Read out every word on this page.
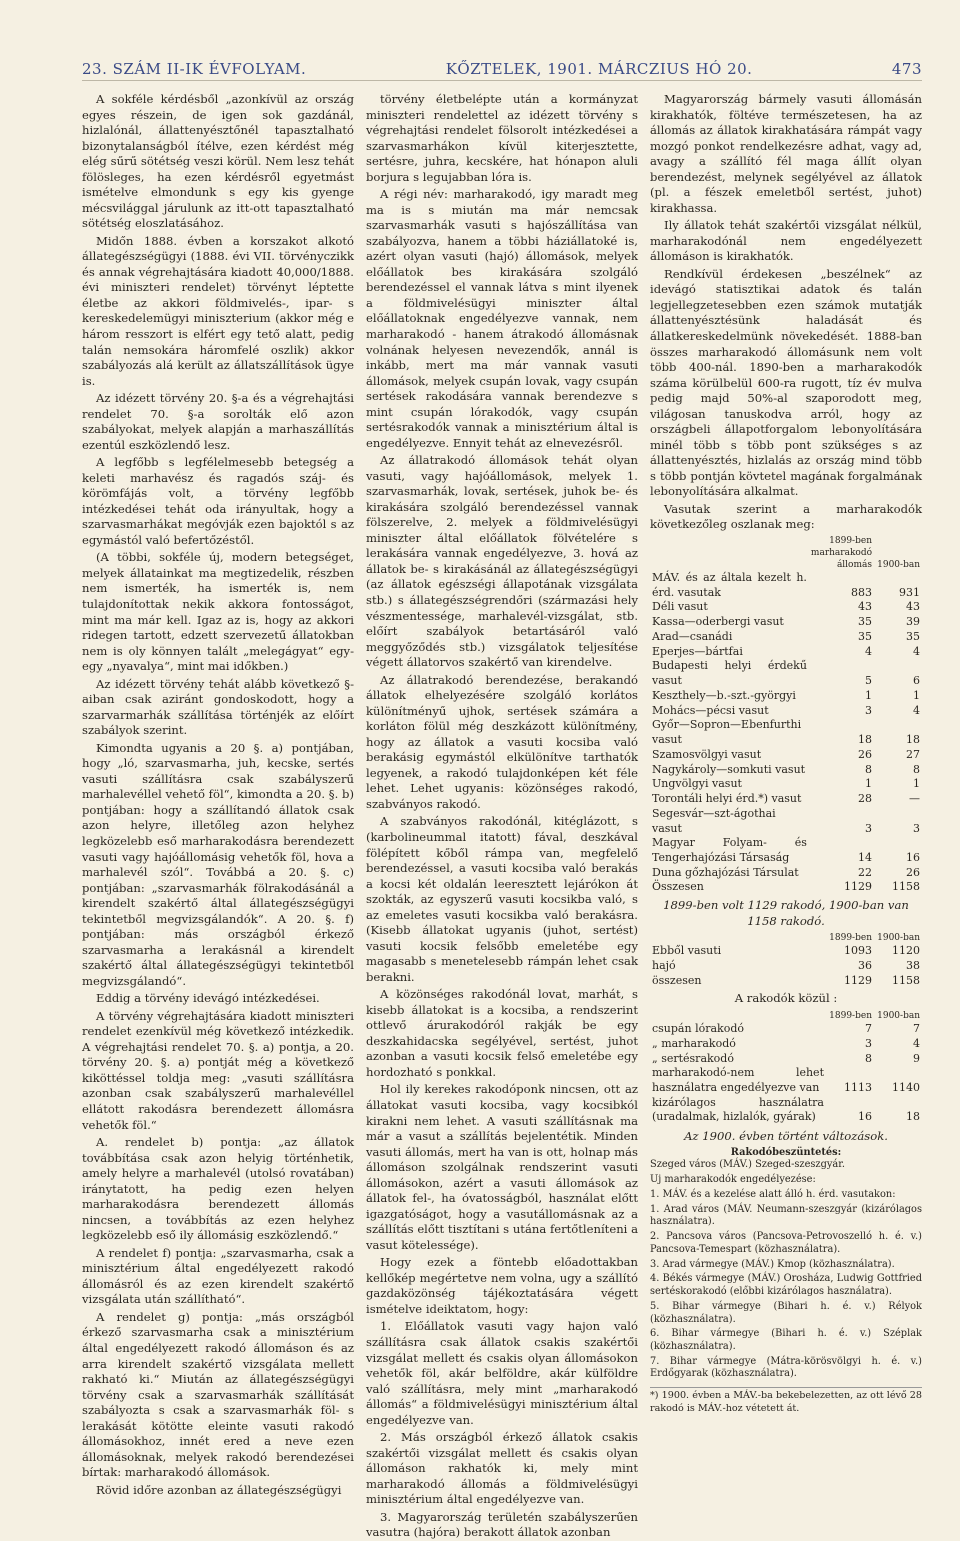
23. SZÁM II-IK ÉVFOLYAM.	KŐZTELEK, 1901. MÁRCZIUS HÓ 20.	473

A sokféle kérdésből „azonkívül az ország egyes részein, de igen sok gazdánál, hizlalónál, állattenyésztőnél tapasztalható bizonytalanságból ítélve, ezen kérdést még elég sűrű sötétség veszi körül. Nem lesz tehát fölösleges, ha ezen kérdésről egyetmást ismételve elmondunk s egy kis gyenge mécsvilággal járulunk az itt-ott tapasztalható sötétség eloszlatásához.

Midőn 1888. évben a korszakot alkotó állategészségügyi (1888. évi VII. törvényczikk és annak végrehajtására kiadott 40,000/1888. évi miniszteri rendelet) törvényt léptette életbe az akkori földmivelés-, ipar- s kereskedelemügyi miniszterium (akkor még e három resszort is elfért egy tető alatt, pedig talán nemsokára háromfelé oszlik) akkor szabályozás alá került az állatszállítások ügye is.

Az idézett törvény 20. §-a és a végrehajtási rendelet 70. §-a sorolták elő azon szabályokat, melyek alapján a marhaszállítás ezentúl eszközlendő lesz.

A legfőbb s legfélelmesebb betegség a keleti marhavész és ragadós száj- és körömfájás volt, a törvény legfőbb intézkedései tehát oda irányultak, hogy a szarvasmarhákat megóvják ezen bajoktól s az egymástól való befertőzéstől.

(A többi, sokféle új, modern betegséget, melyek állatainkat ma megtizedelik, részben nem ismerték, ha ismerték is, nem tulajdonítottak nekik akkora fontosságot, mint ma már kell. Igaz az is, hogy az akkori ridegen tartott, edzett szervezetű állatokban nem is oly könnyen talált „melegágyat“ egy-egy „nyavalya“, mint mai időkben.)

Az idézett törvény tehát alább következő §-aiban csak aziránt gondoskodott, hogy a szarvarmarhák szállítása történjék az előírt szabályok szerint.

Kimondta ugyanis a 20 §. a) pontjában, hogy „ló, szarvasmarha, juh, kecske, sertés vasuti szállításra csak szabályszerű marhalevéllel vehető föl“, kimondta a 20. §. b) pontjában: hogy a szállítandó állatok csak azon helyre, illetőleg azon helyhez legközelebb eső marharakodásra berendezett vasuti vagy hajóállomásig vehetők föl, hova a marhalevél szól“. Továbbá a 20. §. c) pontjában: „szarvasmarhák fölrakodásánál a kirendelt szakértő által állategészségügyi tekintetből megvizsgálandók“. A 20. §. f) pontjában: más országból érkező szarvasmarha a lerakásnál a kirendelt szakértő által állategészségügyi tekintetből megvizsgálandó“.

Eddig a törvény idevágó intézkedései.

A törvény végrehajtására kiadott miniszteri rendelet ezenkívül még következő intézkedik. A végrehajtási rendelet 70. §. a) pontja, a 20. törvény 20. §. a) pontját még a következő kiköttéssel toldja meg: „vasuti szállításra azonban csak szabályszerű marhalevéllel ellátott rakodásra berendezett állomásra vehetők föl.“

A. rendelet b) pontja: „az állatok továbbítása csak azon helyig történhetik, amely helyre a marhalevél (utolsó rovatában) iránytatott, ha pedig ezen helyen marharakodásra berendezett állomás nincsen, a továbbítás az ezen helyhez legközelebb eső ily állomásig eszközlendő.“

A rendelet f) pontja: „szarvasmarha, csak a minisztérium által engedélyezett rakodó állomásról és az ezen kirendelt szakértő vizsgálata után szállítható“.

A rendelet g) pontja: „más országból érkező szarvasmarha csak a minisztérium által engedélyezett rakodó állomáson és az arra kirendelt szakértő vizsgálata mellett rakható ki.“ Miután az állategészségügyi törvény csak a szarvasmarhák szállítását szabályozta s csak a szarvasmarhák föl- s lerakását kötötte eleinte vasuti rakodó állomásokhoz, innét ered a neve ezen állomásoknak, melyek rakodó berendezései bírtak: marharakodó állomások.

Rövid időre azonban az állategészségügyi

törvény életbelépte után a kormányzat miniszteri rendelettel az idézett törvény s végrehajtási rendelet fölsorolt intézkedései a szarvasmarhákon kívül kiterjesztette, sertésre, juhra, kecskére, hat hónapon aluli borjura s legujabban lóra is.

A régi név: marharakodó, igy maradt meg ma is s miután ma már nemcsak szarvasmarhák vasuti s hajószállítása van szabályozva, hanem a többi háziállatoké is, azért olyan vasuti (hajó) állomások, melyek előállatok bes kirakására szolgáló berendezéssel el vannak látva s mint ilyenek a földmivelésügyi miniszter által előállatoknak engedélyezve vannak, nem marharakodó - hanem átrakodó állomásnak volnának helyesen nevezendők, annál is inkább, mert ma már vannak vasuti állomások, melyek csupán lovak, vagy csupán sertések rakodására vannak berendezve s mint csupán lórakodók, vagy csupán sertésrakodók vannak a minisztérium által is engedélyezve. Ennyit tehát az elnevezésről.

Az állatrakodó állomások tehát olyan vasuti, vagy hajóállomások, melyek 1. szarvasmarhák, lovak, sertések, juhok be- és kirakására szolgáló berendezéssel vannak fölszerelve, 2. melyek a földmivelésügyi miniszter által előállatok fölvételére s lerakására vannak engedélyezve, 3. hová az állatok be- s kirakásánál az állategészségügyi (az állatok egészségi állapotának vizsgálata stb.) s állategészségrendőri (származási hely vészmentessége, marhalevél-vizsgálat, stb. előírt szabályok betartásáról való meggyőződés stb.) vizsgálatok teljesítése végett állatorvos szakértő van kirendelve.

Az állatrakodó berendezése, berakandó állatok elhelyezésére szolgáló korlátos különítményű ujhok, sertések számára a korláton fölül még deszkázott különítmény, hogy az állatok a vasuti kocsiba való berakásig egymástól elkülönítve tarthatók legyenek, a rakodó tulajdonképen két féle lehet. Lehet ugyanis: közönséges rakodó, szabványos rakodó.

A szabványos rakodónál, kitéglázott, s (karbolineummal itatott) fával, deszkával fölépített kőből rámpa van, megfelelő berendezéssel, a vasuti kocsiba való berakás a kocsi két oldalán leeresztett lejárókon át szokták, az egyszerű vasuti kocsikba való, s az emeletes vasuti kocsikba való berakásra. (Kisebb állatokat ugyanis (juhot, sertést) vasuti kocsik felsőbb emeletébe egy magasabb s menetelesebb rámpán lehet csak berakni.

A közönséges rakodónál lovat, marhát, s kisebb állatokat is a kocsiba, a rendszerint ottlevő árurakodóról rakják be egy deszkahidacska segélyével, sertést, juhot azonban a vasuti kocsik felső emeletébe egy hordozható s ponkkal.

Hol ily kerekes rakodóponk nincsen, ott az állatokat vasuti kocsiba, vagy kocsibkól kirakni nem lehet. A vasuti szállításnak ma már a vasut a szállítás bejelentétik. Minden vasuti állomás, mert ha van is ott, holnap más állomáson szolgálnak rendszerint vasuti állomásokon, azért a vasuti állomások az állatok fel-, ha óvatosságból, használat előtt igazgatóságot, hogy a vasutállomásnak az a szállítás előtt tisztítani s utána fertőtleníteni a vasut kötelessége).

Hogy ezek a föntebb előadottakban kellőkép megértetve nem volna, ugy a szállító gazdaközönség tájékoztatására végett ismételve ideiktatom, hogy:

1. Előállatok vasuti vagy hajon való szállításra csak állatok csakis szakértői vizsgálat mellett és csakis olyan állomásokon vehetők föl, akár belföldre, akár külföldre való szállításra, mely mint „marharakodó állomás“ a földmivelésügyi minisztérium által engedélyezve van.

2. Más országból érkező állatok csakis szakértői vizsgálat mellett és csakis olyan állomáson rakhatók ki, mely mint marharakodó állomás a földmivelésügyi minisztérium által engedélyezve van.

3. Magyarország területén szabályszerűen vasutra (hajóra) berakott állatok azonban

Magyarország bármely vasuti állomásán kirakhatók, föltéve természetesen, ha az állomás az állatok kirakhatására rámpát vagy mozgó ponkot rendelkezésre adhat, vagy ad, avagy a szállító fél maga állít olyan berendezést, melynek segélyével az állatok (pl. a fészek emeletből sertést, juhot) kirakhassa.

Ily állatok tehát szakértői vizsgálat nélkül, marharakodónál nem engedélyezett állomáson is kirakhatók.

Rendkívül érdekesen „beszélnek“ az idevágó statisztikai adatok és talán legjellegzetesebben ezen számok mutatják állattenyésztésünk haladását és állatkereskedelmünk növekedését. 1888-ban összes marharakodó állomásunk nem volt több 400-nál. 1890-ben a marharakodók száma körülbelül 600-ra rugott, tíz év mulva pedig majd 50%-al szaporodott meg, világosan tanuskodva arról, hogy az országbeli állapotforgalom lebonyolítására minél több s több pont szükséges s az állattenyésztés, hizlalás az ország mind több s több pontján kövtetel magának forgalmának lebonyolítására alkalmat.

Vasutak szerint a marharakodók következőleg oszlanak meg:

	1899-ben marharakodó állomás	1900-ban
MÁV. és az általa kezelt h. érd. vasutak	883	931
Déli vasut	43	43
Kassa—oderbergi vasut	35	39
Arad—csanádi	35	35
Eperjes—bártfai	4	4
Budapesti helyi érdekű vasut	5	6
Keszthely—b.-szt.-györgyi	1	1
Mohács—pécsi vasut	3	4
Győr—Sopron—Ebenfurthi vasut	18	18
Szamosvölgyi vasut	26	27
Nagykároly—somkuti vasut	8	8
Ungvölgyi vasut	1	1
Torontáli helyi érd.*) vasut	28	—
Segesvár—szt-ágothai vasut	3	3
Magyar Folyam- és Tengerhajózási Társaság	14	16
Duna gőzhajózási Társulat	22	26
Összesen	1129	1158

1899-ben volt 1129 rakodó, 1900-ban van 1158 rakodó.

	1899-ben	1900-ban
Ebből vasuti	1093	1120
hajó	36	38
összesen	1129	1158
A rakodók közül :
	1899-ben	1900-ban
csupán lórakodó	7	7
„ marharakodó	3	4
„ sertésrakodó	8	9
marharakodó-nem lehet használatra engedélyezve van	1113	1140
kizárólagos használatra (uradalmak, hizlalók, gyárak)	16	18
Az 1900. évben történt változások.
Rakodóbeszüntetés:

Szeged város (MÁV.) Szeged-szeszgyár.

Uj marharakodók engedélyezése:

1. MÁV. és a kezelése alatt álló h. érd. vasutakon:

1. Arad város (MÁV. Neumann-szeszgyár (kizárólagos használatra).

2. Pancsova város (Pancsova-Petrovoszelló h. é. v.) Pancsova-Temespart (közhasználatra).

3. Arad vármegye (MÁV.) Kmop (közhasználatra).

4. Békés vármegye (MÁV.) Orosháza, Ludwig Gottfried sertéskorakodó (előbbi kizárólagos használatra).

5. Bihar vármegye (Bihari h. é. v.) Rélyok (közhasználatra).

6. Bihar vármegye (Bihari h. é. v.) Széplak (közhasználatra).

7. Bihar vármegye (Mátra-körösvölgyi h. é. v.) Erdőgyarak (közhasználatra).

*) 1900. évben a MÁV.-ba bekebelezetten, az ott lévő 28 rakodó is MÁV.-hoz vétetett át.
